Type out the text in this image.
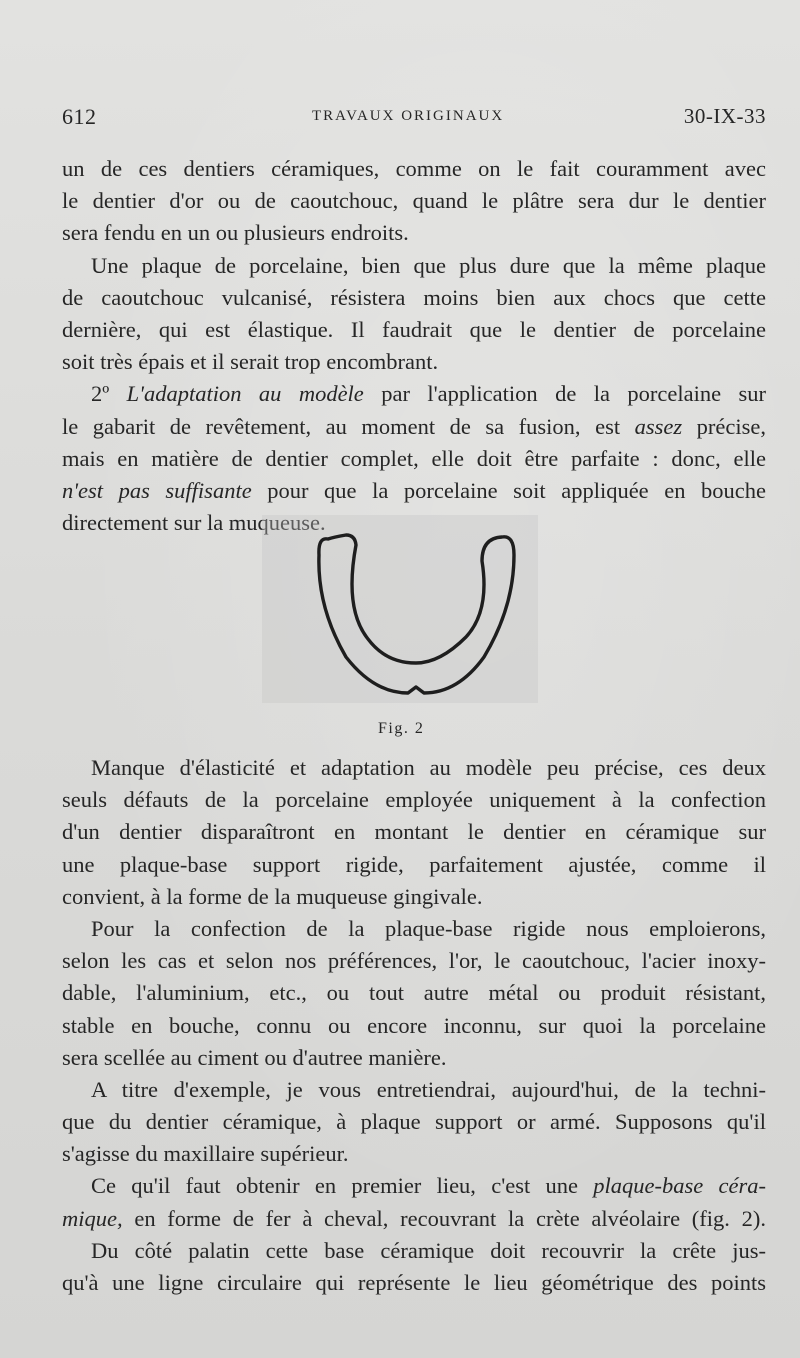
612	TRAVAUX ORIGINAUX	30-IX-33
un de ces dentiers céramiques, comme on le fait couramment avec
le dentier d'or ou de caoutchouc, quand le plâtre sera dur le dentier
sera fendu en un ou plusieurs endroits.
Une plaque de porcelaine, bien que plus dure que la même plaque
de caoutchouc vulcanisé, résistera moins bien aux chocs que cette
dernière, qui est élastique. Il faudrait que le dentier de porcelaine
soit très épais et il serait trop encombrant.
2º L'adaptation au modèle par l'application de la porcelaine sur
le gabarit de revêtement, au moment de sa fusion, est assez précise,
mais en matière de dentier complet, elle doit être parfaite : donc, elle
n'est pas suffisante pour que la porcelaine soit appliquée en bouche
directement sur la muqueuse.
Fig. 2
Manque d'élasticité et adaptation au modèle peu précise, ces deux
seuls défauts de la porcelaine employée uniquement à la confection
d'un dentier disparaîtront en montant le dentier en céramique sur
une plaque-base support rigide, parfaitement ajustée, comme il
convient, à la forme de la muqueuse gingivale.
Pour la confection de la plaque-base rigide nous emploierons,
selon les cas et selon nos préférences, l'or, le caoutchouc, l'acier inoxy-
dable, l'aluminium, etc., ou tout autre métal ou produit résistant,
stable en bouche, connu ou encore inconnu, sur quoi la porcelaine
sera scellée au ciment ou d'autree manière.
A titre d'exemple, je vous entretiendrai, aujourd'hui, de la techni-
que du dentier céramique, à plaque support or armé. Supposons qu'il
s'agisse du maxillaire supérieur.
Ce qu'il faut obtenir en premier lieu, c'est une plaque-base céra-
mique, en forme de fer à cheval, recouvrant la crète alvéolaire (fig. 2).
Du côté palatin cette base céramique doit recouvrir la crête jus-
qu'à une ligne circulaire qui représente le lieu géométrique des points
